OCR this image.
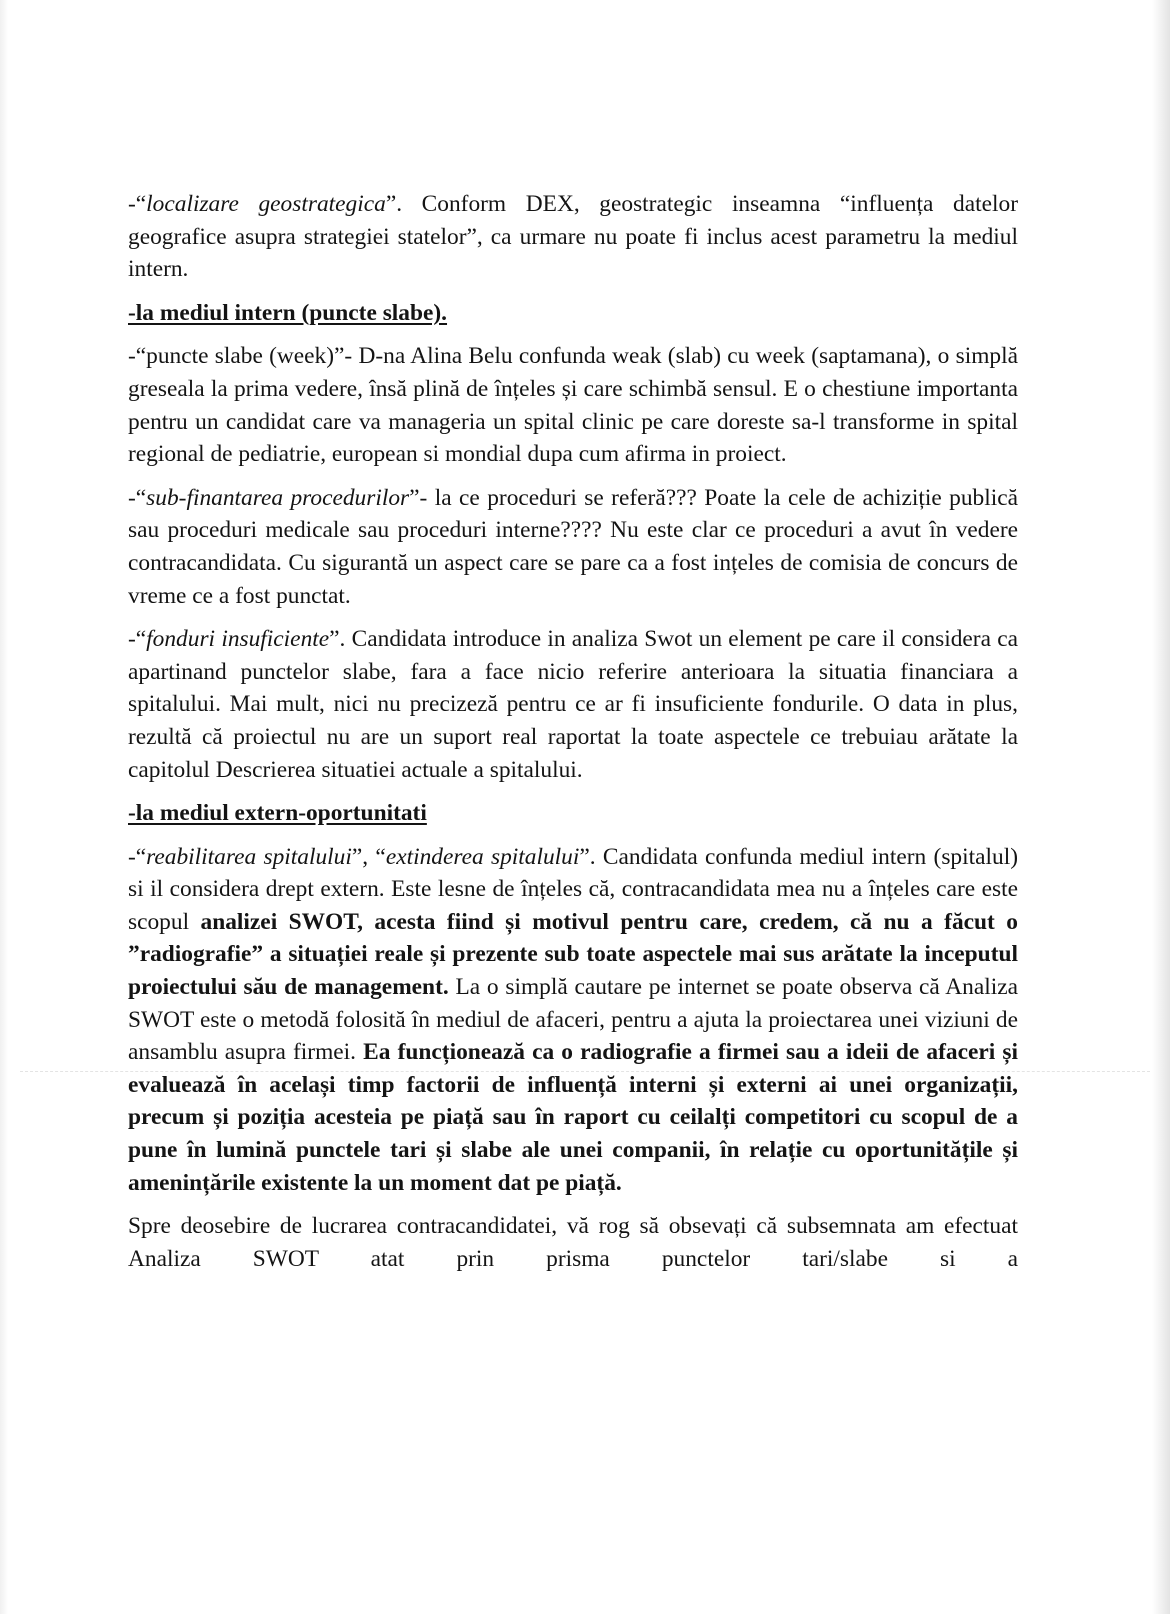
-“localizare geostrategica”. Conform DEX, geostrategic inseamna “influența datelor geografice asupra strategiei statelor”, ca urmare nu poate fi inclus acest parametru la mediul intern.

-la mediul intern (puncte slabe).

-“puncte slabe (week)”- D-na Alina Belu confunda weak (slab) cu week (saptamana), o simplă greseala la prima vedere, însă plină de înțeles și care schimbă sensul. E o chestiune importanta pentru un candidat care va manageria un spital clinic pe care doreste sa-l transforme in spital regional de pediatrie, european si mondial dupa cum afirma in proiect.

-“sub-finantarea procedurilor”- la ce proceduri se referă??? Poate la cele de achiziție publică sau proceduri medicale sau proceduri interne???? Nu este clar ce proceduri a avut în vedere contracandidata. Cu sigurantă un aspect care se pare ca a fost ințeles de comisia de concurs de vreme ce a fost punctat.

-“fonduri insuficiente”. Candidata introduce in analiza Swot un element pe care il considera ca apartinand punctelor slabe, fara a face nicio referire anterioara la situatia financiara a spitalului. Mai mult, nici nu precizeză pentru ce ar fi insuficiente fondurile. O data in plus, rezultă că proiectul nu are un suport real raportat la toate aspectele ce trebuiau arătate la capitolul Descrierea situatiei actuale a spitalului.

-la mediul extern-oportunitati

-“reabilitarea spitalului”, “extinderea spitalului”. Candidata confunda mediul intern (spitalul) si il considera drept extern. Este lesne de înțeles că, contracandidata mea nu a înțeles care este scopul analizei SWOT, acesta fiind și motivul pentru care, credem, că nu a făcut o ”radiografie” a situației reale și prezente sub toate aspectele mai sus arătate la inceputul proiectului său de management. La o simplă cautare pe internet se poate observa că Analiza SWOT este o metodă folosită în mediul de afaceri, pentru a ajuta la proiectarea unei viziuni de ansamblu asupra firmei. Ea funcționează ca o radiografie a firmei sau a ideii de afaceri și evaluează în același timp factorii de influență interni și externi ai unei organizații, precum și poziția acesteia pe piață sau în raport cu ceilalți competitori cu scopul de a pune în lumină punctele tari și slabe ale unei companii, în relație cu oportunitățile și amenințările existente la un moment dat pe piață.

Spre deosebire de lucrarea contracandidatei, vă rog să obsevați că subsemnata am efectuat Analiza SWOT atat prin prisma punctelor tari/slabe si a
